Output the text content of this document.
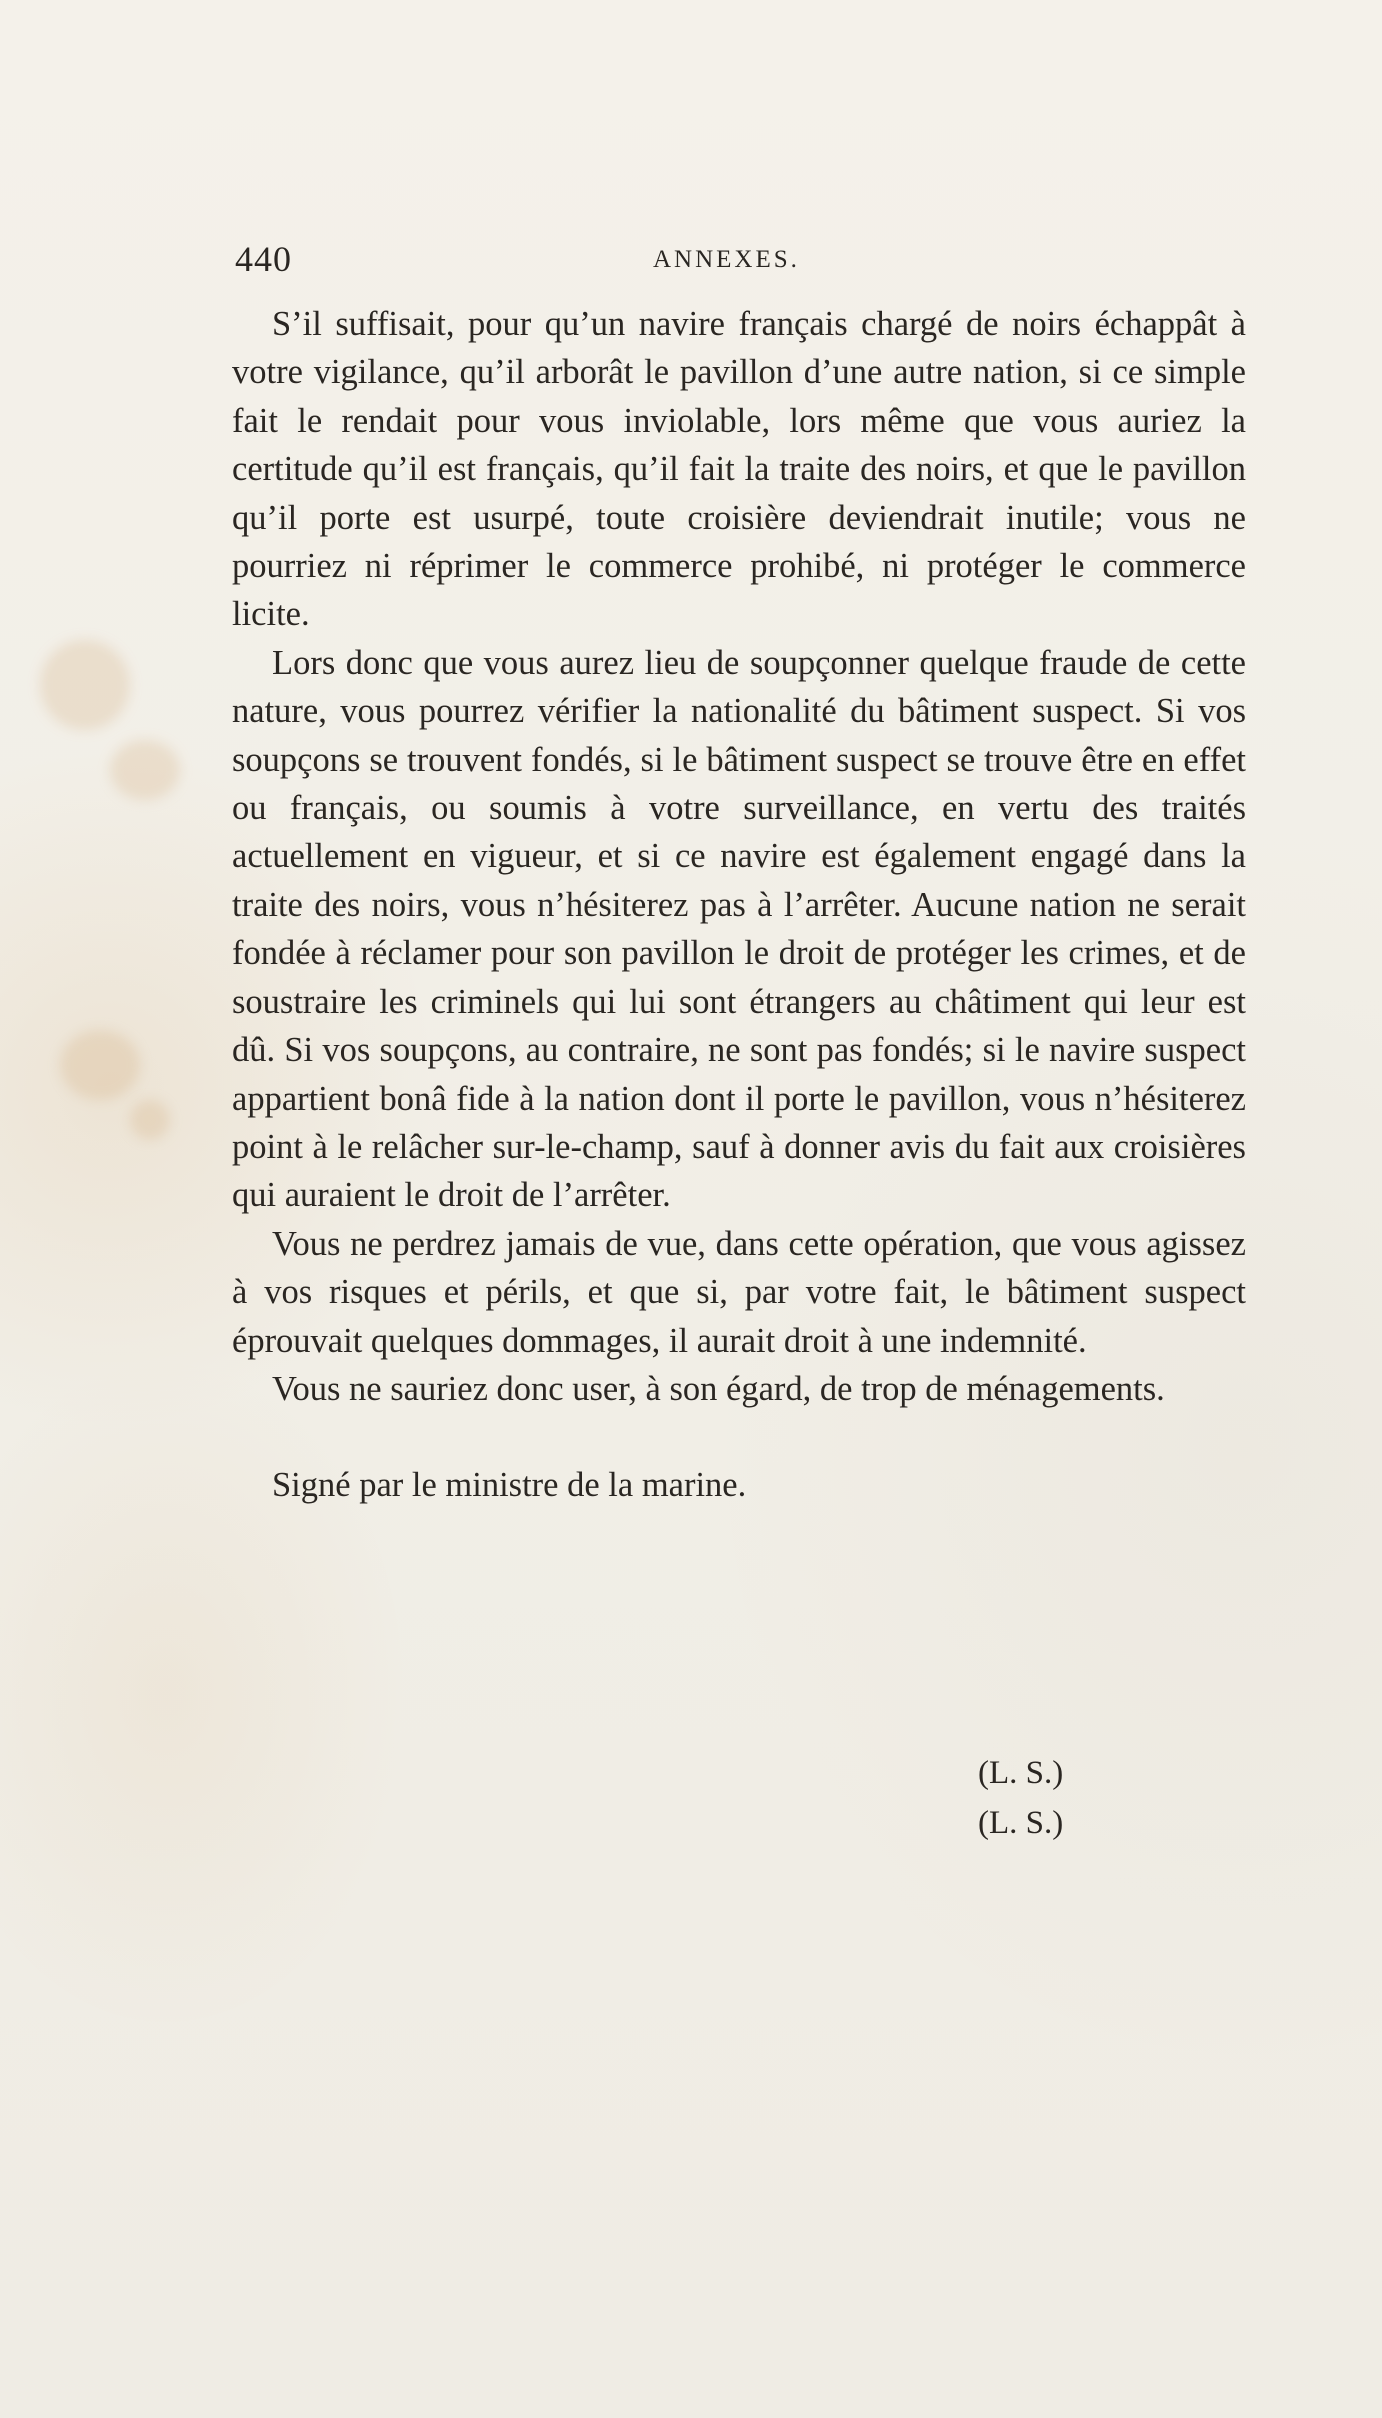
440	ANNEXES.

S’il suffisait, pour qu’un navire français chargé de noirs échappât à votre vigilance, qu’il arborât le pavillon d’une autre nation, si ce simple fait le rendait pour vous inviolable, lors même que vous auriez la certitude qu’il est français, qu’il fait la traite des noirs, et que le pavillon qu’il porte est usurpé, toute croisière deviendrait inutile; vous ne pourriez ni réprimer le commerce prohibé, ni protéger le commerce licite.

Lors donc que vous aurez lieu de soupçonner quelque fraude de cette nature, vous pourrez vérifier la nationalité du bâtiment suspect. Si vos soupçons se trouvent fondés, si le bâtiment suspect se trouve être en effet ou français, ou soumis à votre surveillance, en vertu des traités actuellement en vigueur, et si ce navire est également engagé dans la traite des noirs, vous n’hésiterez pas à l’arrêter. Aucune nation ne serait fondée à réclamer pour son pavillon le droit de protéger les crimes, et de soustraire les criminels qui lui sont étrangers au châtiment qui leur est dû. Si vos soupçons, au contraire, ne sont pas fondés; si le navire suspect appartient bonâ fide à la nation dont il porte le pavillon, vous n’hésiterez point à le relâcher sur-le-champ, sauf à donner avis du fait aux croisières qui auraient le droit de l’arrêter.

Vous ne perdrez jamais de vue, dans cette opération, que vous agissez à vos risques et périls, et que si, par votre fait, le bâtiment suspect éprouvait quelques dommages, il aurait droit à une indemnité.

Vous ne sauriez donc user, à son égard, de trop de ménagements.

Signé par le ministre de la marine.

(L. S.)
(L. S.)
